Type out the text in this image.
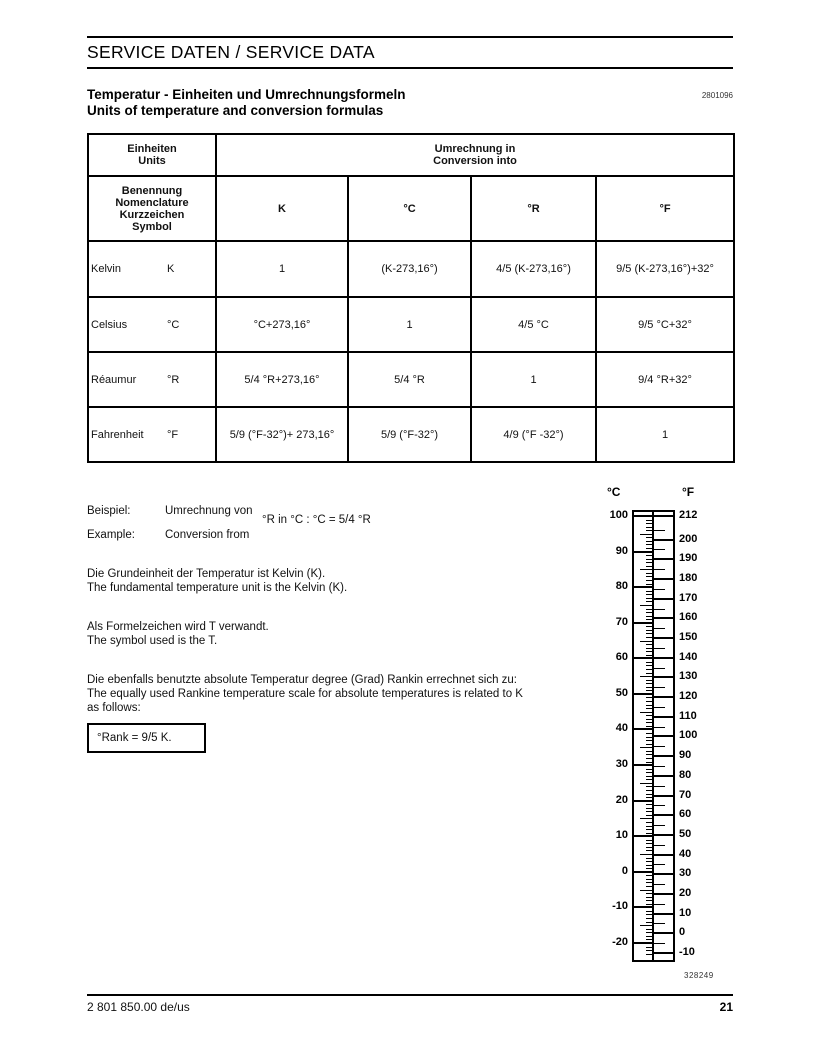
SERVICE DATEN / SERVICE DATA
Temperatur - Einheiten und Umrechnungsformeln
Units of temperature and conversion formulas
2801096
Einheiten
Units

Umrechnung in
Conversion into

Benennung
Nomenclature
Kurzzeichen
Symbol	K	°C	°R	°F

Kelvin K	1	(K-273,16°)	4/5 (K-273,16°)	9/5 (K-273,16°)+32°

Celsius °C	°C+273,16°	1	4/5 °C	9/5 °C+32°

Réaumur °R	5/4 °R+273,16°	5/4 °R	1	9/4 °R+32°

Fahrenheit °F	5/9 (°F-32°)+ 273,16°	5/9 (°F-32°)	4/9 (°F -32°)	1
Beispiel:	Umrechnung von
Example:	Conversion from
°R in °C : °C = 5/4 °R
Die Grundeinheit der Temperatur ist Kelvin (K).
The fundamental temperature unit is the Kelvin (K).
Als Formelzeichen wird T verwandt.
The symbol used is the T.
Die ebenfalls benutzte absolute Temperatur degree (Grad) Rankin errechnet sich zu:
The equally used Rankine temperature scale for absolute temperatures is related to K
as follows:
°Rank = 9/5 K.
°C	°F
100
90
80
70
60
50
40
30
20
10
0
-10
-20
212
200
190
180
170
160
150
140
130
120
110
100
90
80
70
60
50
40
30
20
10
0
-10
328249
2 801 850.00 de/us	21
